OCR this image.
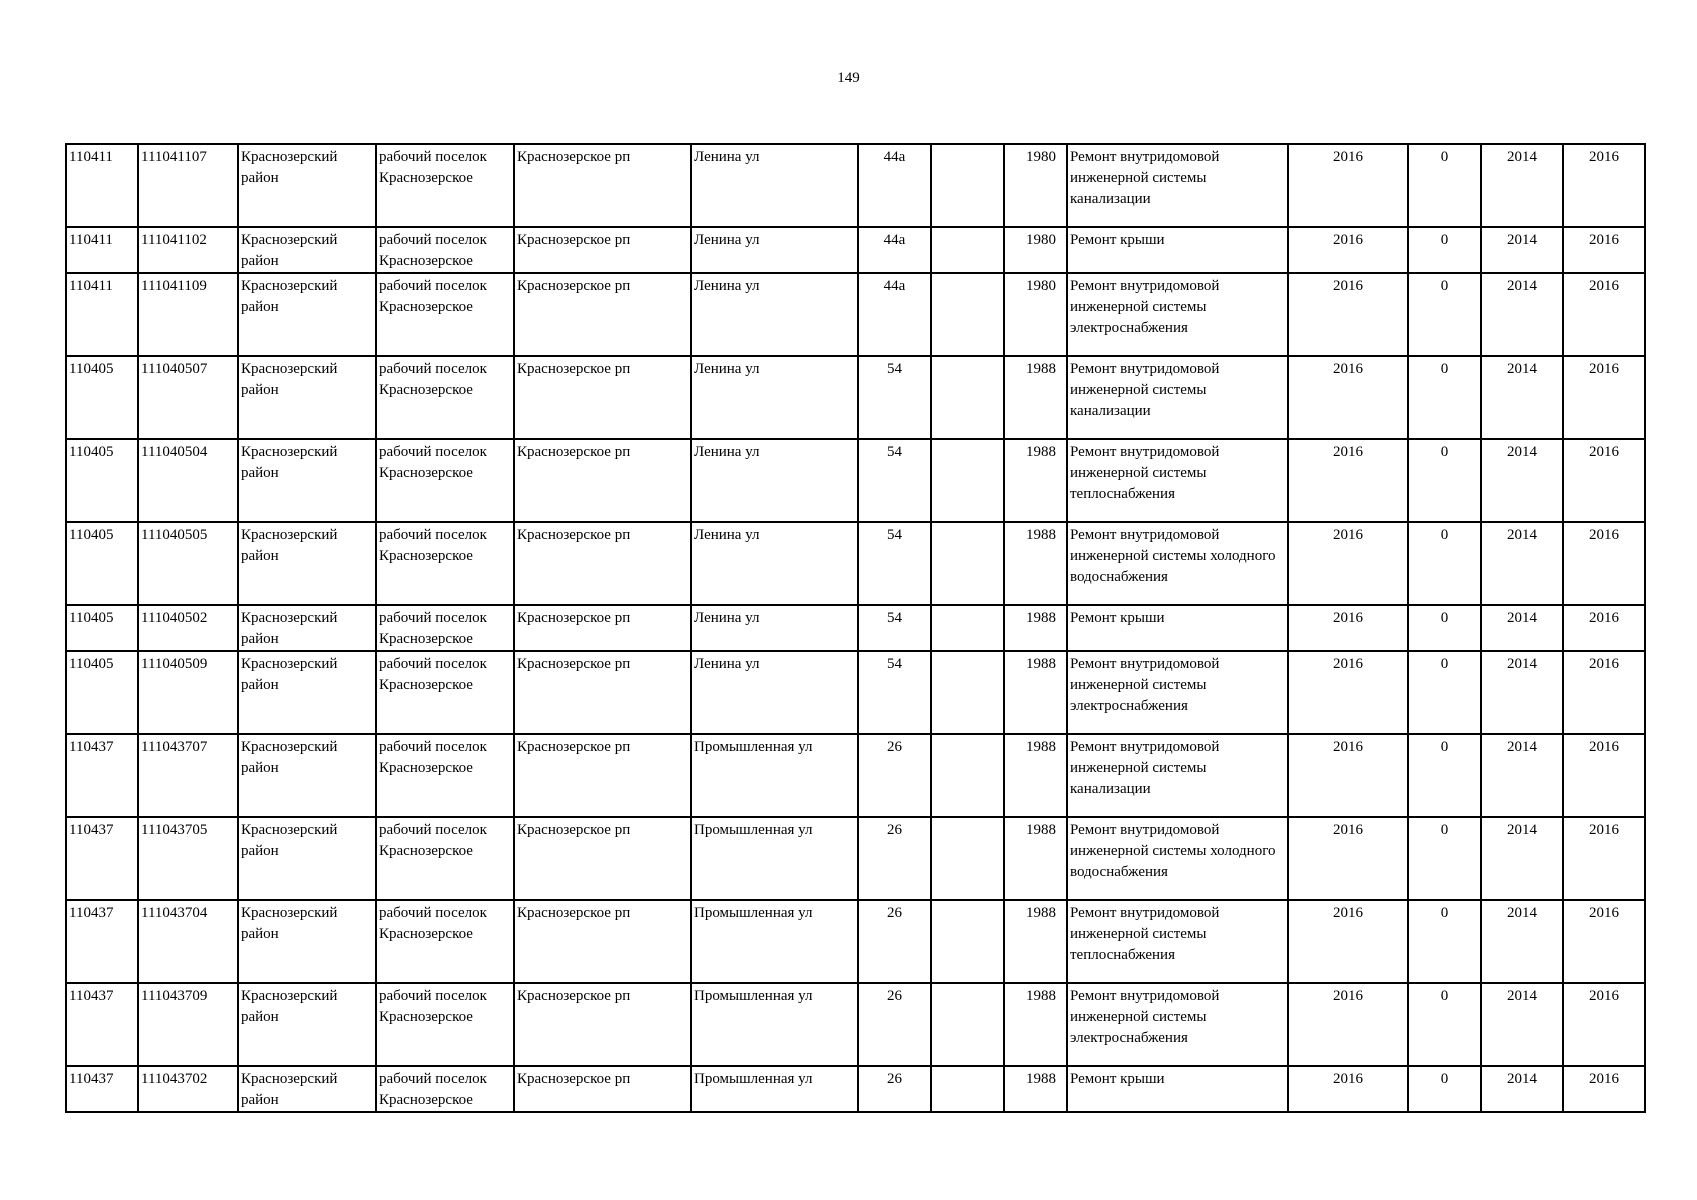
149
110411	111041107	Краснозерский район	рабочий поселок Краснозерское	Краснозерское рп	Ленина ул	44а		1980	Ремонт внутридомовой инженерной системы канализации	2016	0	2014	2016
110411	111041102	Краснозерский район	рабочий поселок Краснозерское	Краснозерское рп	Ленина ул	44а		1980	Ремонт крыши	2016	0	2014	2016
110411	111041109	Краснозерский район	рабочий поселок Краснозерское	Краснозерское рп	Ленина ул	44а		1980	Ремонт внутридомовой инженерной системы электроснабжения	2016	0	2014	2016
110405	111040507	Краснозерский район	рабочий поселок Краснозерское	Краснозерское рп	Ленина ул	54		1988	Ремонт внутридомовой инженерной системы канализации	2016	0	2014	2016
110405	111040504	Краснозерский район	рабочий поселок Краснозерское	Краснозерское рп	Ленина ул	54		1988	Ремонт внутридомовой инженерной системы теплоснабжения	2016	0	2014	2016
110405	111040505	Краснозерский район	рабочий поселок Краснозерское	Краснозерское рп	Ленина ул	54		1988	Ремонт внутридомовой инженерной системы холодного водоснабжения	2016	0	2014	2016
110405	111040502	Краснозерский район	рабочий поселок Краснозерское	Краснозерское рп	Ленина ул	54		1988	Ремонт крыши	2016	0	2014	2016
110405	111040509	Краснозерский район	рабочий поселок Краснозерское	Краснозерское рп	Ленина ул	54		1988	Ремонт внутридомовой инженерной системы электроснабжения	2016	0	2014	2016
110437	111043707	Краснозерский район	рабочий поселок Краснозерское	Краснозерское рп	Промышленная ул	26		1988	Ремонт внутридомовой инженерной системы канализации	2016	0	2014	2016
110437	111043705	Краснозерский район	рабочий поселок Краснозерское	Краснозерское рп	Промышленная ул	26		1988	Ремонт внутридомовой инженерной системы холодного водоснабжения	2016	0	2014	2016
110437	111043704	Краснозерский район	рабочий поселок Краснозерское	Краснозерское рп	Промышленная ул	26		1988	Ремонт внутридомовой инженерной системы теплоснабжения	2016	0	2014	2016
110437	111043709	Краснозерский район	рабочий поселок Краснозерское	Краснозерское рп	Промышленная ул	26		1988	Ремонт внутридомовой инженерной системы электроснабжения	2016	0	2014	2016
110437	111043702	Краснозерский район	рабочий поселок Краснозерское	Краснозерское рп	Промышленная ул	26		1988	Ремонт крыши	2016	0	2014	2016
